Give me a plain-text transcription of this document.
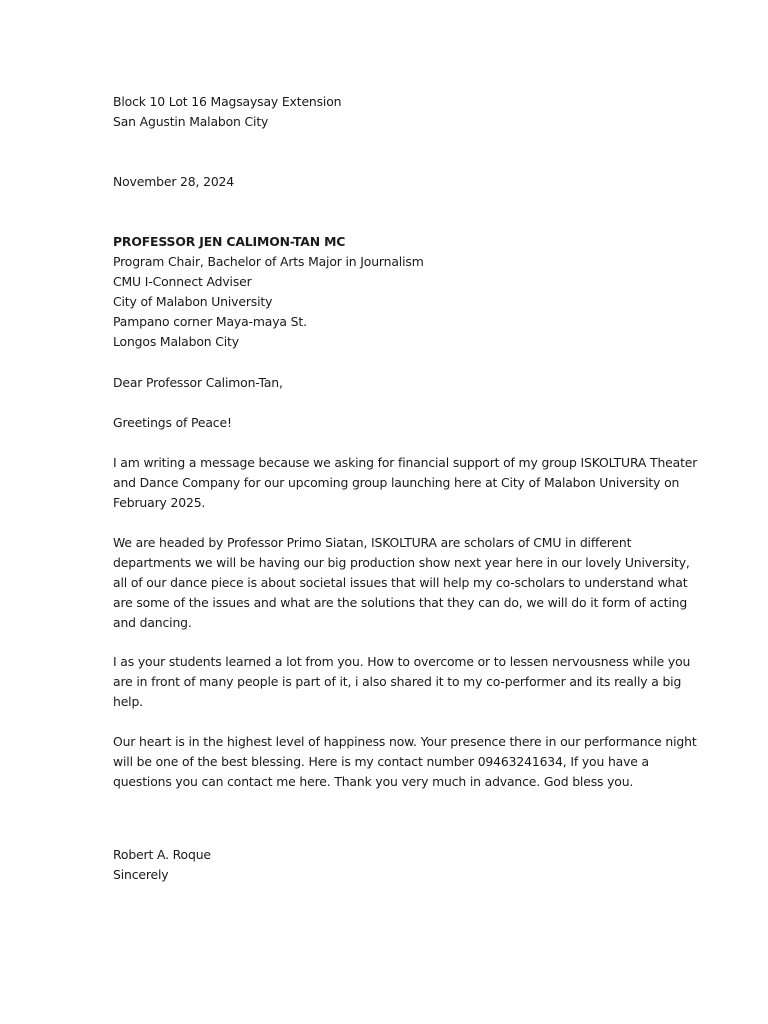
Block 10 Lot 16 Magsaysay Extension
San Agustin Malabon City
November 28, 2024
PROFESSOR JEN CALIMON-TAN MC
Program Chair, Bachelor of Arts Major in Journalism
CMU I-Connect Adviser
City of Malabon University
Pampano corner Maya-maya St.
Longos Malabon City
Dear Professor Calimon-Tan,
Greetings of Peace!
I am writing a message because we asking for financial support of my group ISKOLTURA Theater
and Dance Company for our upcoming group launching here at City of Malabon University on
February 2025.
We are headed by Professor Primo Siatan, ISKOLTURA are scholars of CMU in different
departments we will be having our big production show next year here in our lovely University,
all of our dance piece is about societal issues that will help my co-scholars to understand what
are some of the issues and what are the solutions that they can do, we will do it form of acting
and dancing.
I as your students learned a lot from you. How to overcome or to lessen nervousness while you
are in front of many people is part of it, i also shared it to my co-performer and its really a big
help.
Our heart is in the highest level of happiness now. Your presence there in our performance night
will be one of the best blessing. Here is my contact number 09463241634, If you have a
questions you can contact me here. Thank you very much in advance. God bless you.
Robert A. Roque
Sincerely
